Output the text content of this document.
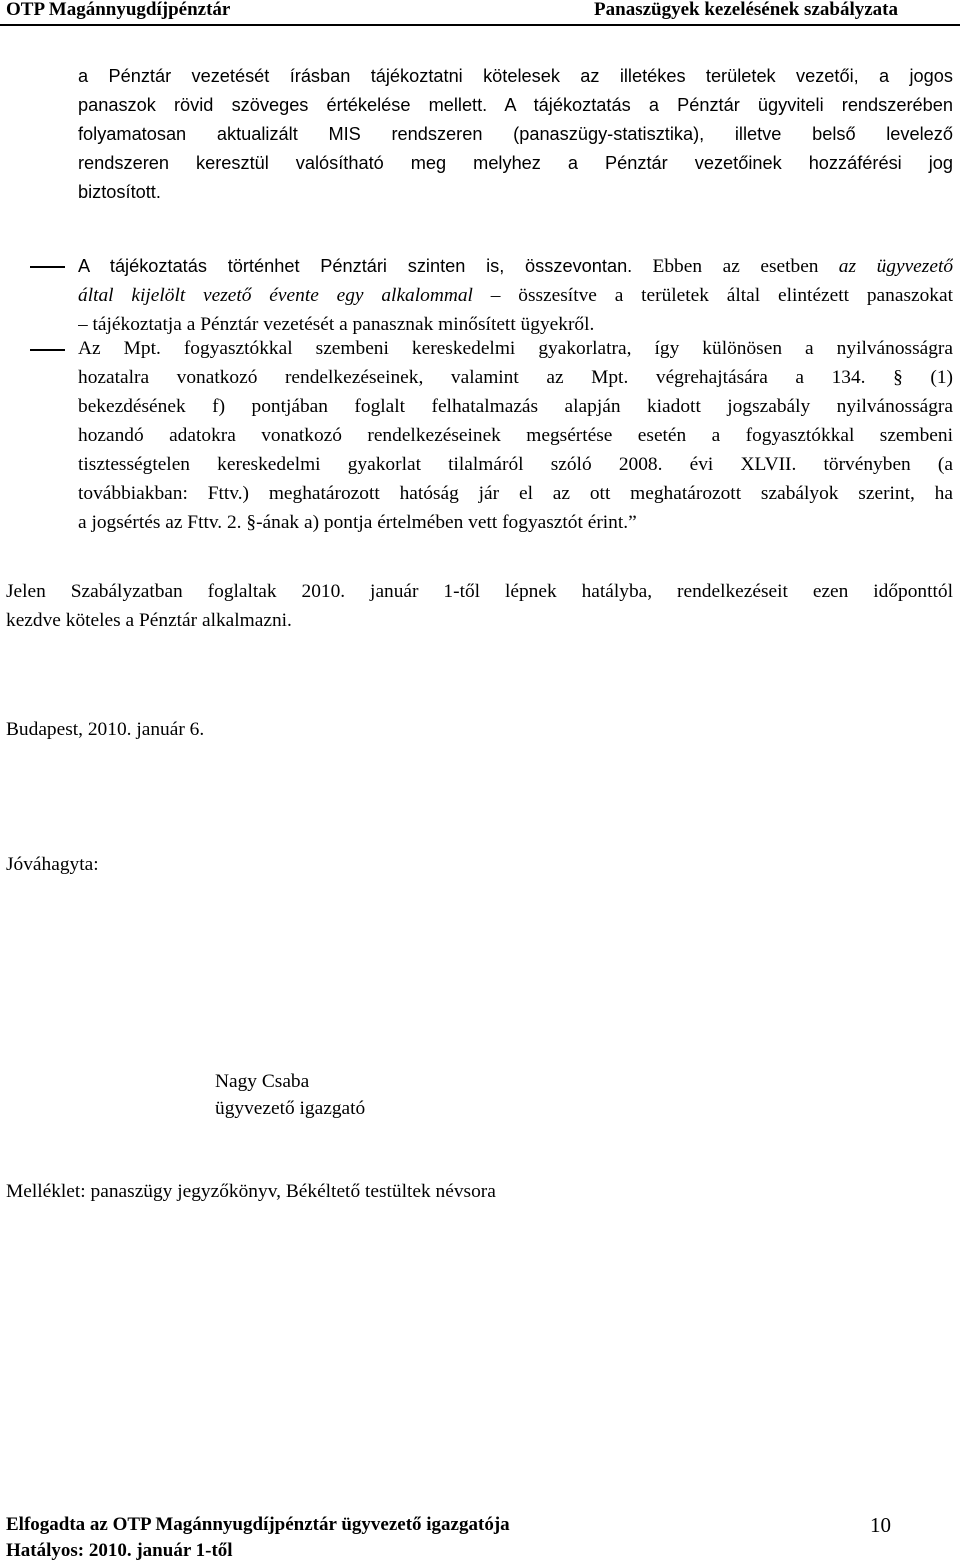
OTP Magánnyugdíjpénztár	Panaszügyek kezelésének szabályzata
a Pénztár vezetését írásban tájékoztatni kötelesek az illetékes területek vezetői, a jogos
panaszok rövid szöveges értékelése mellett. A tájékoztatás a Pénztár ügyviteli rendszerében
folyamatosan aktualizált MIS rendszeren (panaszügy-statisztika), illetve belső levelező
rendszeren keresztül valósítható meg melyhez a Pénztár vezetőinek hozzáférési jog
biztosított.
A tájékoztatás történhet Pénztári szinten is, összevontan. Ebben az esetben az ügyvezető
által kijelölt vezető évente egy alkalommal – összesítve a területek által elintézett panaszokat
– tájékoztatja a Pénztár vezetését a panasznak minősített ügyekről.
Az Mpt. fogyasztókkal szembeni kereskedelmi gyakorlatra, így különösen a nyilvánosságra
hozatalra vonatkozó rendelkezéseinek, valamint az Mpt. végrehajtására a 134. § (1)
bekezdésének f) pontjában foglalt felhatalmazás alapján kiadott jogszabály nyilvánosságra
hozandó adatokra vonatkozó rendelkezéseinek megsértése esetén a fogyasztókkal szembeni
tisztességtelen kereskedelmi gyakorlat tilalmáról szóló 2008. évi XLVII. törvényben (a
továbbiakban: Fttv.) meghatározott hatóság jár el az ott meghatározott szabályok szerint, ha
a jogsértés az Fttv. 2. §-ának a) pontja értelmében vett fogyasztót érint.”
Jelen Szabályzatban foglaltak 2010. január 1-től lépnek hatályba, rendelkezéseit ezen időponttól
kezdve köteles a Pénztár alkalmazni.
Budapest, 2010. január 6.
Jóváhagyta:
Nagy Csaba
ügyvezető igazgató
Melléklet: panaszügy jegyzőkönyv, Békéltető testültek névsora
Elfogadta az OTP Magánnyugdíjpénztár ügyvezető igazgatója
Hatályos: 2010. január 1-től
10
